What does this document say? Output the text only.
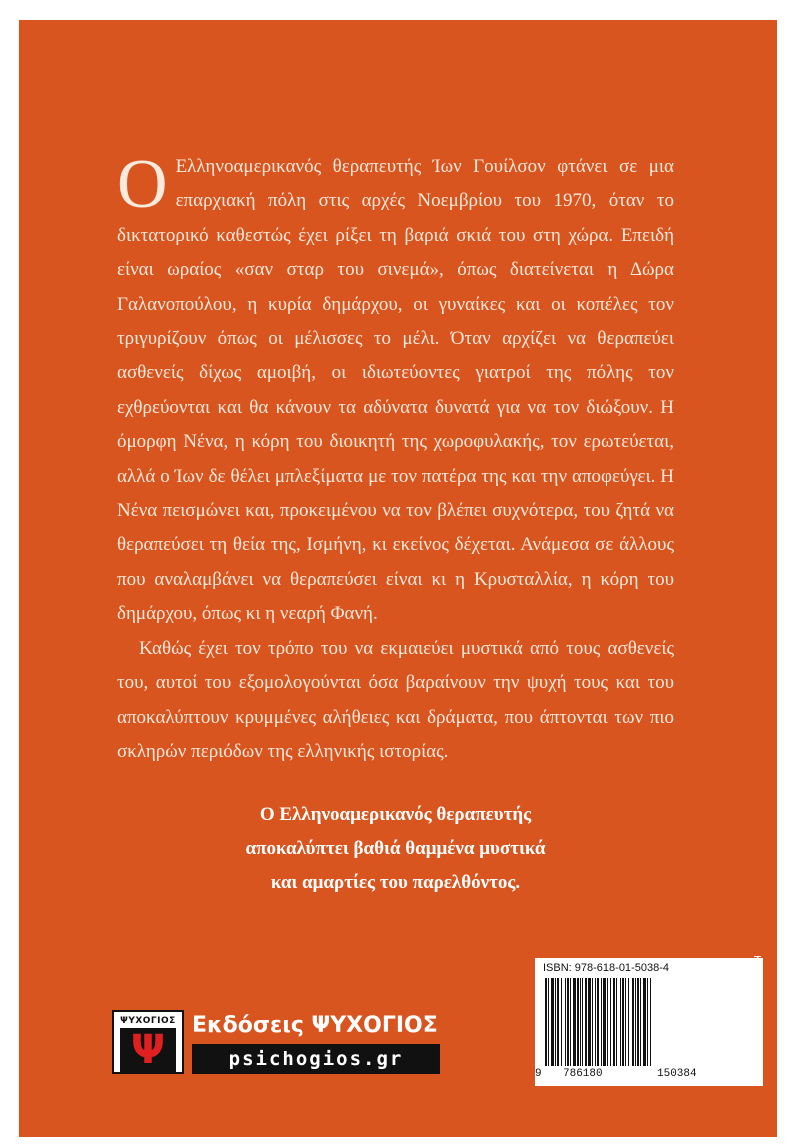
Ο Ελληνοαμερικανός θεραπευτής Ίων Γουίλσον φτάνει σε μια επαρχιακή πόλη στις αρχές Νοεμβρίου του 1970, όταν το δικτατορικό καθεστώς έχει ρίξει τη βαριά σκιά του στη χώρα. Επειδή είναι ωραίος «σαν σταρ του σινεμά», όπως διατείνεται η Δώρα Γαλανοπούλου, η κυρία δημάρχου, οι γυναίκες και οι κοπέλες τον τριγυρίζουν όπως οι μέλισσες το μέλι. Όταν αρχίζει να θεραπεύει ασθενείς δίχως αμοιβή, οι ιδιωτεύοντες γιατροί της πόλης τον εχθρεύονται και θα κάνουν τα αδύνατα δυνατά για να τον διώξουν. Η όμορφη Νένα, η κόρη του διοικητή της χωροφυλακής, τον ερωτεύεται, αλλά ο Ίων δε θέλει μπλεξίματα με τον πατέρα της και την αποφεύγει. Η Νένα πεισμώνει και, προκειμένου να τον βλέπει συχνότερα, του ζητά να θεραπεύσει τη θεία της, Ισμήνη, κι εκείνος δέχεται. Ανάμεσα σε άλλους που αναλαμβάνει να θεραπεύσει είναι κι η Κρυσταλλία, η κόρη του δημάρχου, όπως κι η νεαρή Φανή.

Καθώς έχει τον τρόπο του να εκμαιεύει μυστικά από τους ασθενείς του, αυτοί του εξομολογούνται όσα βαραίνουν την ψυχή τους και του αποκαλύπτουν κρυμμένες αλήθειες και δράματα, που άπτονται των πιο σκληρών περιόδων της ελληνικής ιστορίας.

Ο Ελληνοαμερικανός θεραπευτής
αποκαλύπτει βαθιά θαμμένα μυστικά
και αμαρτίες του παρελθόντος.
ΨΥΧΟΓΙΟΣ
Ψ
Εκδόσεις ΨΥΧΟΓΙΟΣ
psichogios.gr
ISBN: 978-618-01-5038-4
9 786180	150384
ΚΩΔ. ΜΗΧ/ΣΗΣ: 28590
